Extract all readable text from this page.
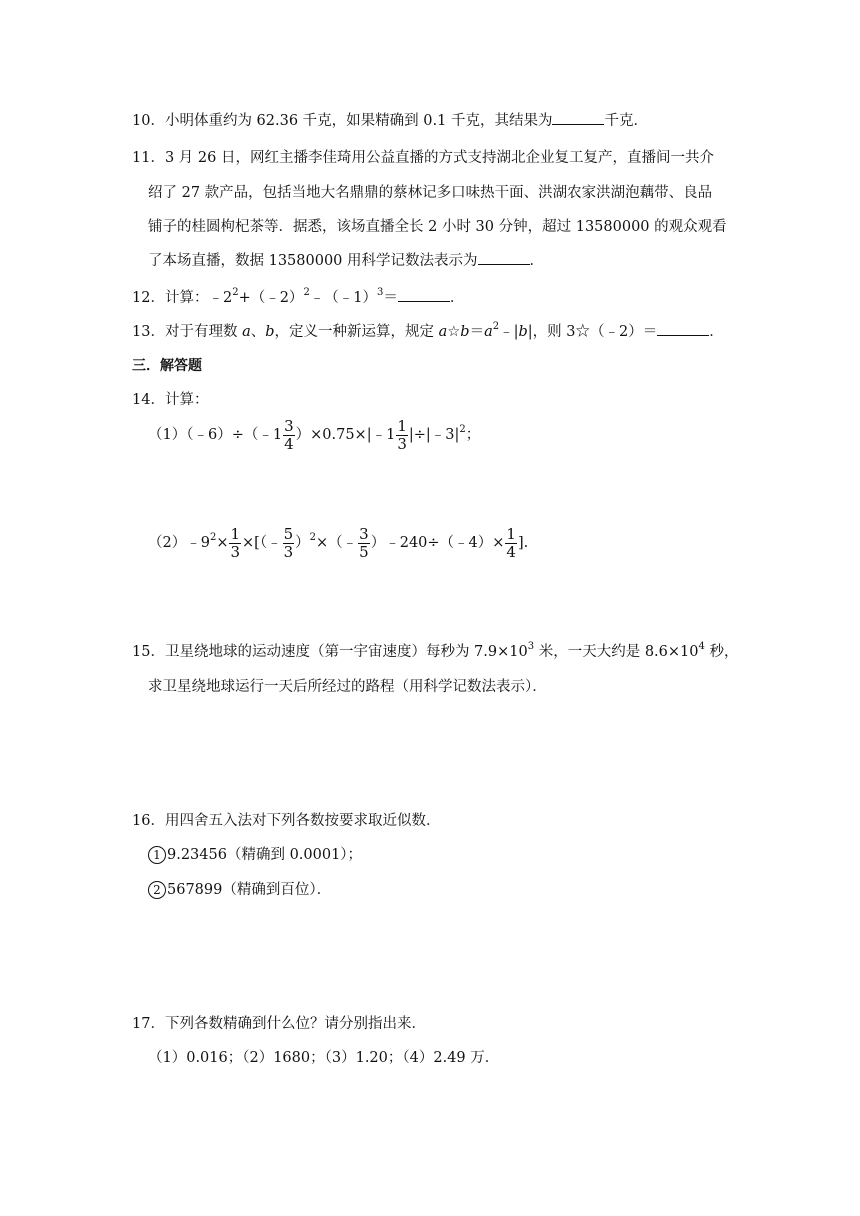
10．小明体重约为 62.36 千克，如果精确到 0.1 千克，其结果为	千克．
11．3 月 26 日，网红主播李佳琦用公益直播的方式支持湖北企业复工复产，直播间一共介
绍了 27 款产品，包括当地大名鼎鼎的蔡林记多口味热干面、洪湖农家洪湖泡藕带、良品
铺子的桂圆枸杞茶等．据悉，该场直播全长 2 小时 30 分钟，超过 13580000 的观众观看
了本场直播，数据 13580000 用科学记数法表示为	．
12．计算：$﹣2^2+(﹣2)^2﹣(﹣1)^3=$	．
13．对于有理数 a、b，定义一种新运算，规定 $a☆b=a^2﹣|b|$，则 3☆（﹣2）＝	．
三．解答题
14．计算：
（1）（﹣6）÷（﹣1 $\frac{3}{4}$ ）×0.75×|﹣1 $\frac{1}{3}$ $|\div|﹣3|^2$；
$(2)﹣9^2\times \frac{1}{3}$ ×[（﹣ $\frac{5}{3}$ ）$^2$×（﹣ $\frac{3}{5}$ ）﹣240÷（﹣4）× $\frac{1}{4}$ ].
15．卫星绕地球的运动速度（第一宇宙速度）每秒为 $7.9\times 10^3$ 米，一天大约是 $8.6\times 10^4$ 秒，
求卫星绕地球运行一天后所经过的路程（用科学记数法表示）．
16．用四舍五入法对下列各数按要求取近似数．
1 9.23456（精确到 0.0001）；
2 567899（精确到百位）．
17．下列各数精确到什么位？请分别指出来．
（1）0.016；（2）1680；（3）1.20；（4）2.49 万．
